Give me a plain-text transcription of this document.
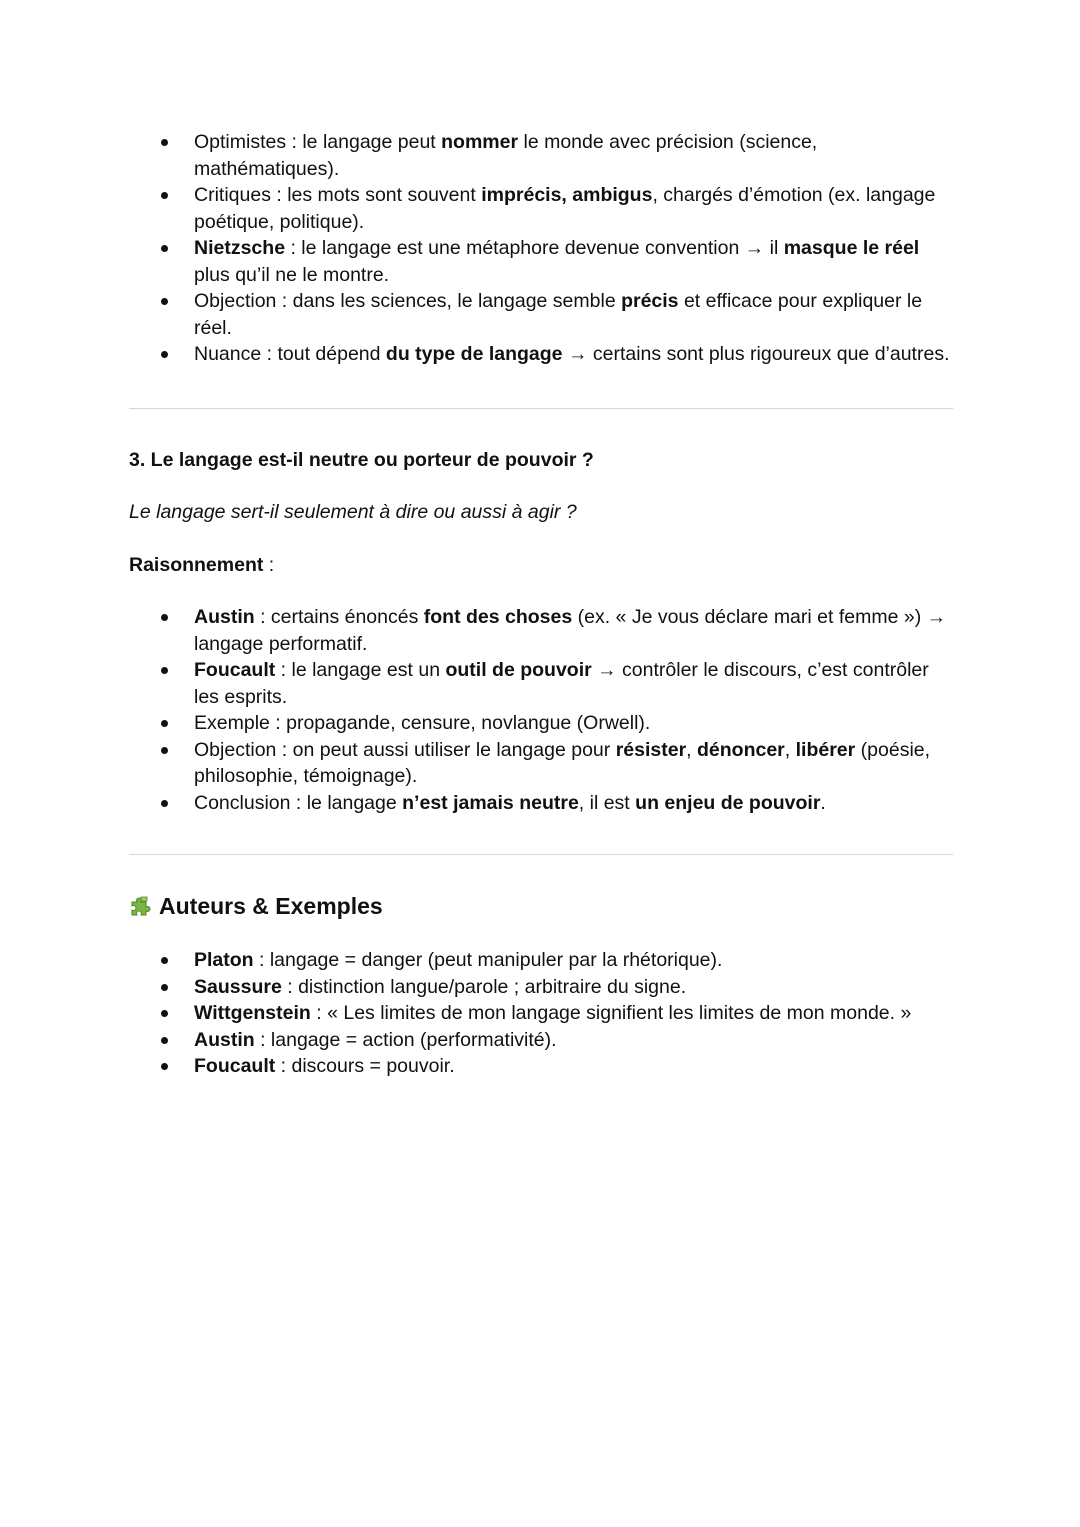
Optimistes : le langage peut nommer le monde avec précision (science, mathématiques).
Critiques : les mots sont souvent imprécis, ambigus, chargés d’émotion (ex. langage poétique, politique).
Nietzsche : le langage est une métaphore devenue convention → il masque le réel plus qu’il ne le montre.
Objection : dans les sciences, le langage semble précis et efficace pour expliquer le réel.
Nuance : tout dépend du type de langage → certains sont plus rigoureux que d’autres.
3. Le langage est-il neutre ou porteur de pouvoir ?
Le langage sert-il seulement à dire ou aussi à agir ?
Raisonnement :
Austin : certains énoncés font des choses (ex. « Je vous déclare mari et femme ») → langage performatif.
Foucault : le langage est un outil de pouvoir → contrôler le discours, c’est contrôler les esprits.
Exemple : propagande, censure, novlangue (Orwell).
Objection : on peut aussi utiliser le langage pour résister, dénoncer, libérer (poésie, philosophie, témoignage).
Conclusion : le langage n’est jamais neutre, il est un enjeu de pouvoir.
Auteurs & Exemples
Platon : langage = danger (peut manipuler par la rhétorique).
Saussure : distinction langue/parole ; arbitraire du signe.
Wittgenstein : « Les limites de mon langage signifient les limites de mon monde. »
Austin : langage = action (performativité).
Foucault : discours = pouvoir.
